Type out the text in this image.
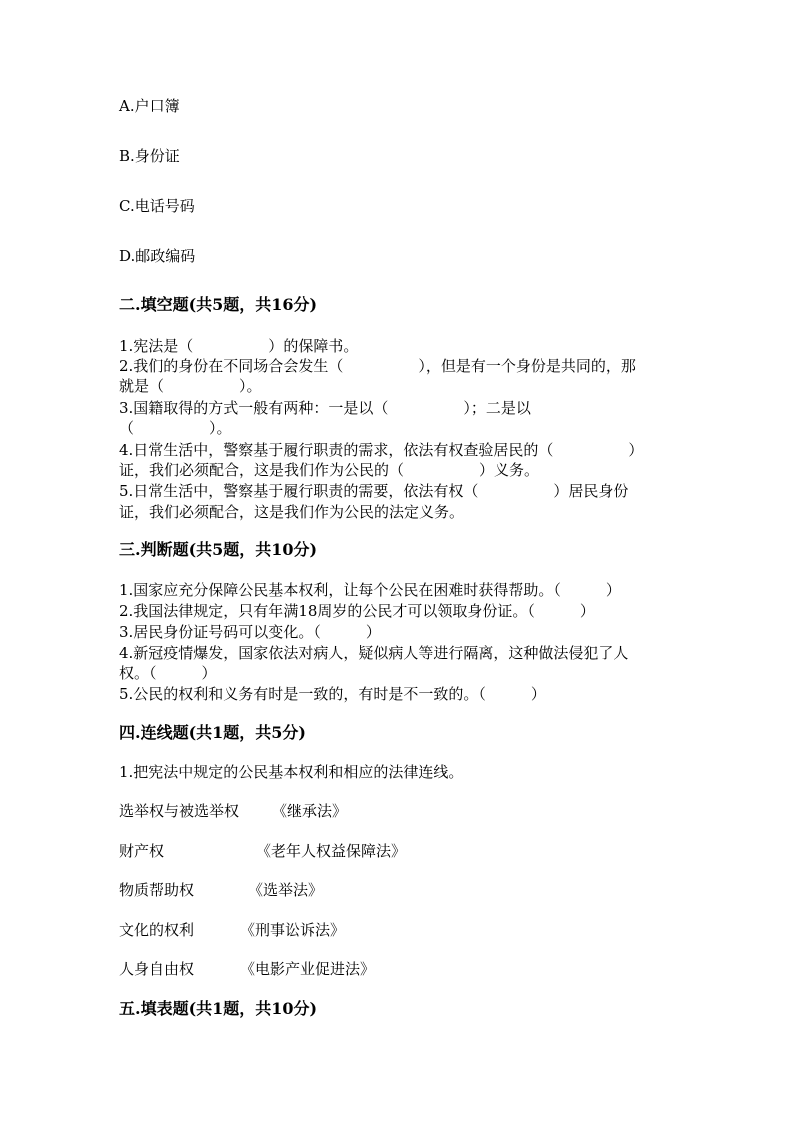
A.户口簿

B.身份证

C.电话号码

D.邮政编码

二.填空题(共5题，共16分)

1.宪法是（　　　　　）的保障书。

2.我们的身份在不同场合会发生（　　　　　），但是有一个身份是共同的，那

就是（　　　　　）。

3.国籍取得的方式一般有两种：一是以（　　　　　）；二是以

（　　　　　）。

4.日常生活中，警察基于履行职责的需求，依法有权查验居民的（　　　　　）

证，我们必须配合，这是我们作为公民的（　　　　　）义务。

5.日常生活中，警察基于履行职责的需要，依法有权（　　　　　）居民身份

证，我们必须配合，这是我们作为公民的法定义务。

三.判断题(共5题，共10分)

1.国家应充分保障公民基本权利，让每个公民在困难时获得帮助。（　　　）

2.我国法律规定，只有年满18周岁的公民才可以领取身份证。（　　　）

3.居民身份证号码可以变化。（　　　）

4.新冠疫情爆发，国家依法对病人，疑似病人等进行隔离，这种做法侵犯了人

权。（　　　）

5.公民的权利和义务有时是一致的，有时是不一致的。（　　　）

四.连线题(共1题，共5分)

1.把宪法中规定的公民基本权利和相应的法律连线。

选举权与被选举权 《继承法》

财产权	《老年人权益保障法》

物质帮助权	《选举法》

文化的权利	《刑事讼诉法》

人身自由权	《电影产业促进法》

五.填表题(共1题，共10分)
